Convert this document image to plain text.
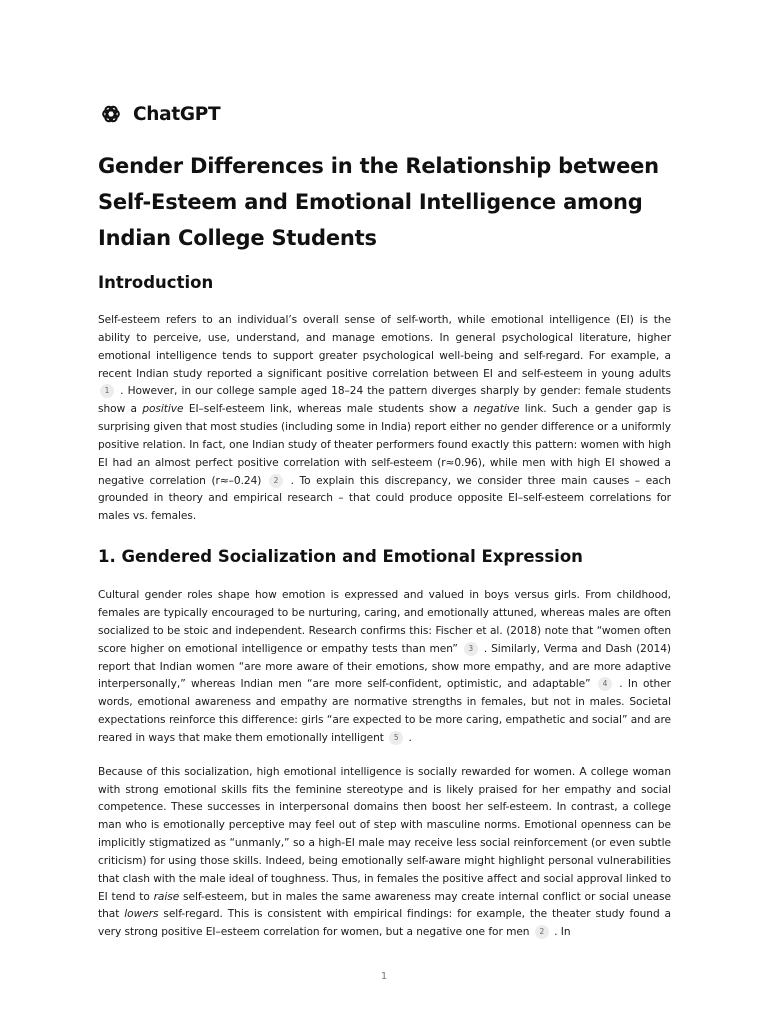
ChatGPT
Gender Differences in the Relationship between Self-Esteem and Emotional Intelligence among Indian College Students
Introduction

Self-esteem refers to an individual’s overall sense of self-worth, while emotional intelligence (EI) is the ability to perceive, use, understand, and manage emotions. In general psychological literature, higher emotional intelligence tends to support greater psychological well-being and self-regard. For example, a recent Indian study reported a significant positive correlation between EI and self-esteem in young adults 1 . However, in our college sample aged 18–24 the pattern diverges sharply by gender: female students show a positive EI–self-esteem link, whereas male students show a negative link. Such a gender gap is surprising given that most studies (including some in India) report either no gender difference or a uniformly positive relation. In fact, one Indian study of theater performers found exactly this pattern: women with high EI had an almost perfect positive correlation with self-esteem (r≈0.96), while men with high EI showed a negative correlation (r≈–0.24) 2 . To explain this discrepancy, we consider three main causes – each grounded in theory and empirical research – that could produce opposite EI–self-esteem correlations for males vs. females.

1. Gendered Socialization and Emotional Expression

Cultural gender roles shape how emotion is expressed and valued in boys versus girls. From childhood, females are typically encouraged to be nurturing, caring, and emotionally attuned, whereas males are often socialized to be stoic and independent. Research confirms this: Fischer et al. (2018) note that “women often score higher on emotional intelligence or empathy tests than men” 3 . Similarly, Verma and Dash (2014) report that Indian women “are more aware of their emotions, show more empathy, and are more adaptive interpersonally,” whereas Indian men “are more self-confident, optimistic, and adaptable” 4 . In other words, emotional awareness and empathy are normative strengths in females, but not in males. Societal expectations reinforce this difference: girls “are expected to be more caring, empathetic and social” and are reared in ways that make them emotionally intelligent 5 .

Because of this socialization, high emotional intelligence is socially rewarded for women. A college woman with strong emotional skills fits the feminine stereotype and is likely praised for her empathy and social competence. These successes in interpersonal domains then boost her self-esteem. In contrast, a college man who is emotionally perceptive may feel out of step with masculine norms. Emotional openness can be implicitly stigmatized as “unmanly,” so a high-EI male may receive less social reinforcement (or even subtle criticism) for using those skills. Indeed, being emotionally self-aware might highlight personal vulnerabilities that clash with the male ideal of toughness. Thus, in females the positive affect and social approval linked to EI tend to raise self-esteem, but in males the same awareness may create internal conflict or social unease that lowers self-regard. This is consistent with empirical findings: for example, the theater study found a very strong positive EI–esteem correlation for women, but a negative one for men 2 . In

1
